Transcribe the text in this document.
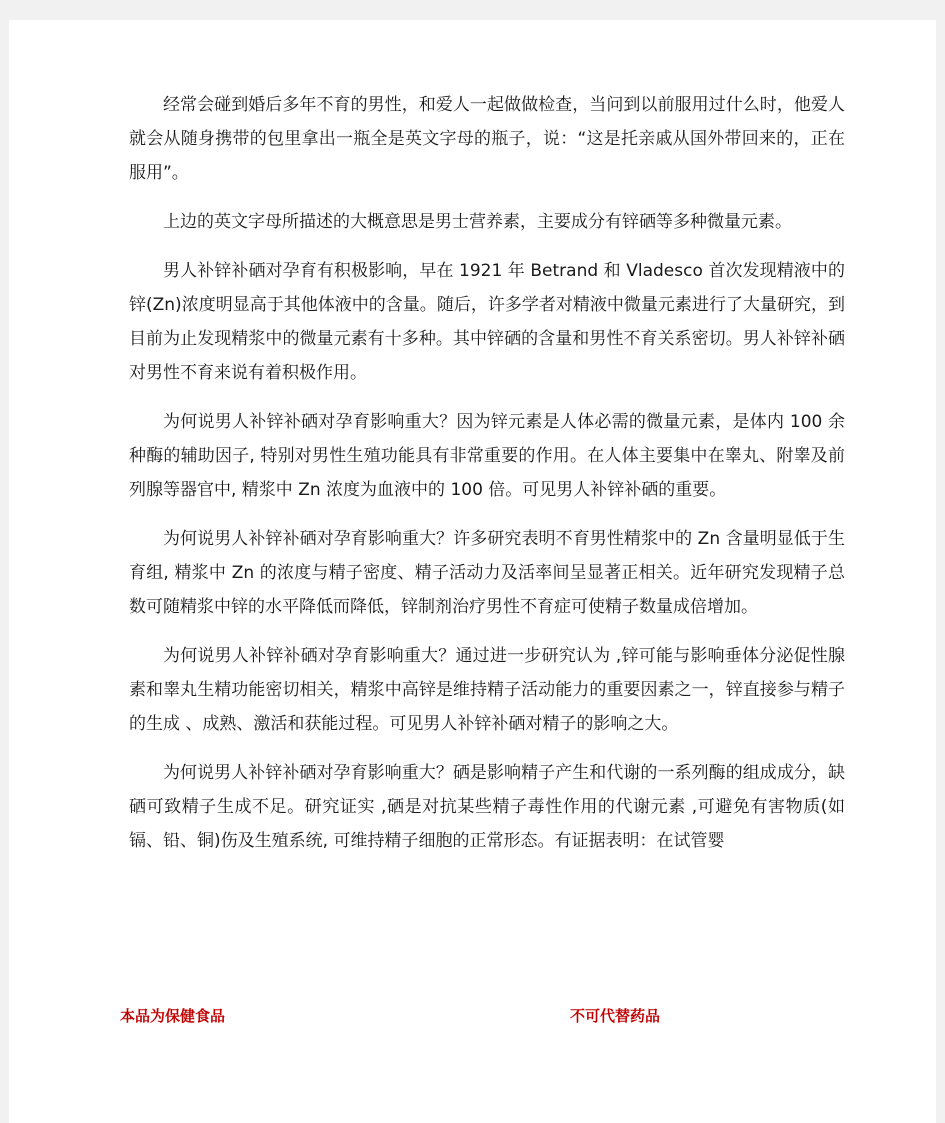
经常会碰到婚后多年不育的男性，和爱人一起做做检查，当问到以前服用过什么时，他爱人就会从随身携带的包里拿出一瓶全是英文字母的瓶子，说：“这是托亲戚从国外带回来的，正在服用”。

上边的英文字母所描述的大概意思是男士营养素，主要成分有锌硒等多种微量元素。

男人补锌补硒对孕育有积极影响，早在 1921 年 Betrand 和 Vladesco 首次发现精液中的锌(Zn)浓度明显高于其他体液中的含量。随后，许多学者对精液中微量元素进行了大量研究，到目前为止发现精浆中的微量元素有十多种。其中锌硒的含量和男性不育关系密切。男人补锌补硒对男性不育来说有着积极作用。

为何说男人补锌补硒对孕育影响重大？因为锌元素是人体必需的微量元素，是体内 100 余种酶的辅助因子, 特别对男性生殖功能具有非常重要的作用。在人体主要集中在睾丸、附睾及前列腺等器官中, 精浆中 Zn 浓度为血液中的 100 倍。可见男人补锌补硒的重要。

为何说男人补锌补硒对孕育影响重大？许多研究表明不育男性精浆中的 Zn 含量明显低于生育组, 精浆中 Zn 的浓度与精子密度、精子活动力及活率间呈显著正相关。近年研究发现精子总数可随精浆中锌的水平降低而降低，锌制剂治疗男性不育症可使精子数量成倍增加。

为何说男人补锌补硒对孕育影响重大？通过进一步研究认为 ,锌可能与影响垂体分泌促性腺素和睾丸生精功能密切相关，精浆中高锌是维持精子活动能力的重要因素之一，锌直接参与精子的生成 、成熟、激活和获能过程。可见男人补锌补硒对精子的影响之大。

为何说男人补锌补硒对孕育影响重大？硒是影响精子产生和代谢的一系列酶的组成成分，缺硒可致精子生成不足。研究证实 ,硒是对抗某些精子毒性作用的代谢元素 ,可避免有害物质(如镉、铅、铜)伤及生殖系统, 可维持精子细胞的正常形态。有证据表明：在试管婴

本品为保健食品	不可代替药品
